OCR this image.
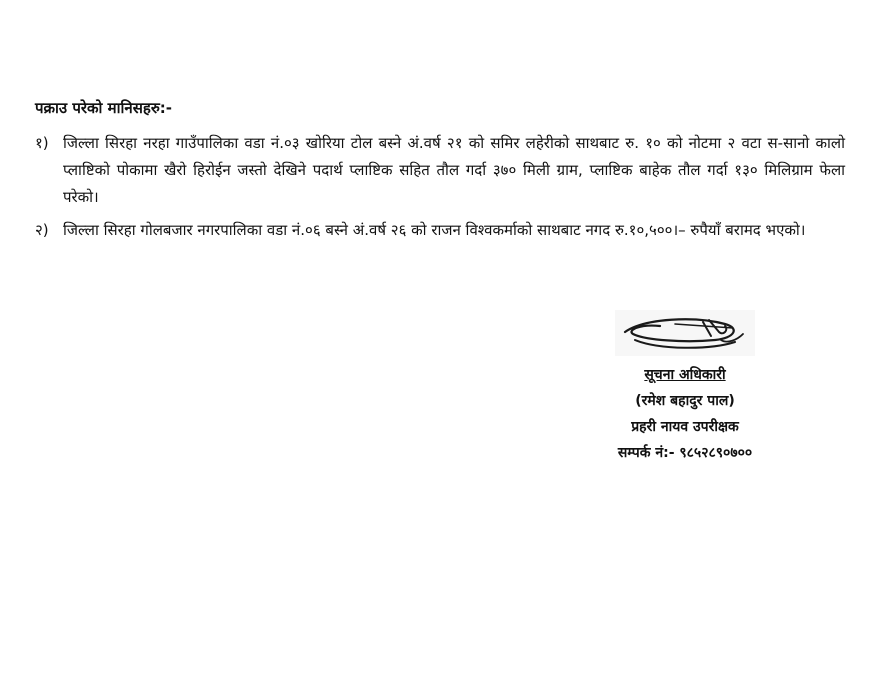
पक्राउ परेको मानिसहरु:-
१) जिल्ला सिरहा नरहा गाउँपालिका वडा नं.०३ खोरिया टोल बस्ने अं.वर्ष २१ को समिर लहेरीको साथबाट रु. १० को नोटमा २ वटा स-सानो कालो प्लाष्टिको पोकामा खैरो हिरोईन जस्तो देखिने पदार्थ प्लाष्टिक सहित तौल गर्दा ३७० मिली ग्राम, प्लाष्टिक बाहेक तौल गर्दा १३० मिलिग्राम फेला परेको।
२) जिल्ला सिरहा गोलबजार नगरपालिका वडा नं.०६ बस्ने अं.वर्ष २६ को राजन विश्वकर्माको साथबाट नगद रु.१०,५००।– रुपैयाँ बरामद भएको।
सूचना अधिकारी
(रमेश बहादुर पाल)
प्रहरी नायव उपरीक्षक
सम्पर्क नं:- ९८५२८९०७००
